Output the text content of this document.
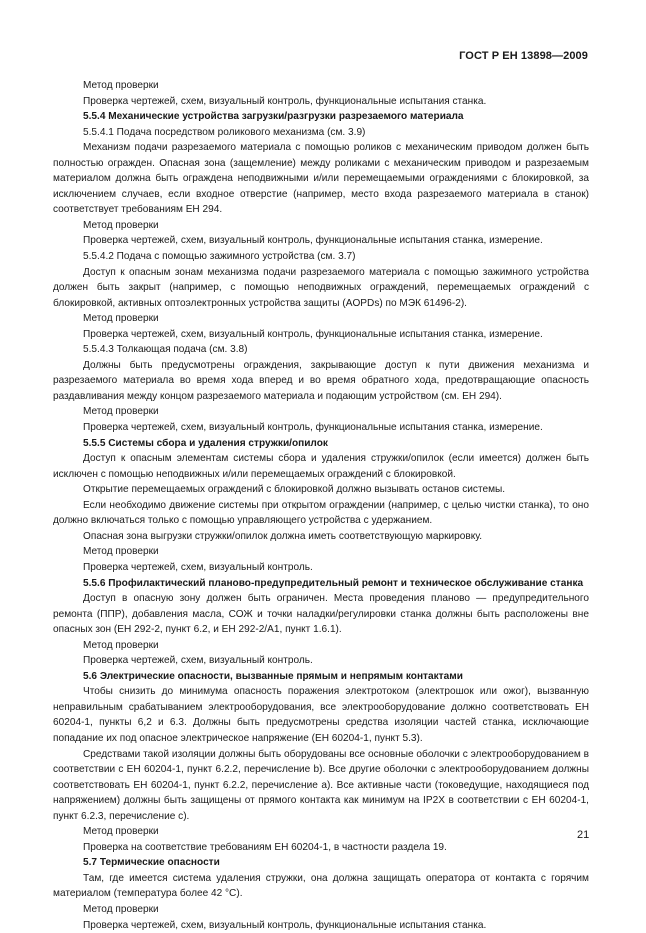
ГОСТ Р ЕН 13898—2009

Метод проверки

Проверка чертежей, схем, визуальный контроль, функциональные испытания станка.

5.5.4 Механические устройства загрузки/разгрузки разрезаемого материала

5.5.4.1 Подача посредством роликового механизма (см. 3.9)

Механизм подачи разрезаемого материала с помощью роликов с механическим приводом должен быть полностью огражден. Опасная зона (защемление) между роликами с механическим приводом и разрезаемым материалом должна быть ограждена неподвижными и/или перемещаемыми ограждениями с блокировкой, за исключением случаев, если входное отверстие (например, место входа разрезаемого материала в станок) соответствует требованиям ЕН 294.

Метод проверки

Проверка чертежей, схем, визуальный контроль, функциональные испытания станка, измерение.

5.5.4.2 Подача с помощью зажимного устройства (см. 3.7)

Доступ к опасным зонам механизма подачи разрезаемого материала с помощью зажимного устройства должен быть закрыт (например, с помощью неподвижных ограждений, перемещаемых ограждений с блокировкой, активных оптоэлектронных устройства защиты (AOPDs) по МЭК 61496-2).

Метод проверки

Проверка чертежей, схем, визуальный контроль, функциональные испытания станка, измерение.

5.5.4.3 Толкающая подача (см. 3.8)

Должны быть предусмотрены ограждения, закрывающие доступ к пути движения механизма и разрезаемого материала во время хода вперед и во время обратного хода, предотвращающие опасность раздавливания между концом разрезаемого материала и подающим устройством (см. ЕН 294).

Метод проверки

Проверка чертежей, схем, визуальный контроль, функциональные испытания станка, измерение.

5.5.5 Системы сбора и удаления стружки/опилок

Доступ к опасным элементам системы сбора и удаления стружки/опилок (если имеется) должен быть исключен с помощью неподвижных и/или перемещаемых ограждений с блокировкой.

Открытие перемещаемых ограждений с блокировкой должно вызывать останов системы.

Если необходимо движение системы при открытом ограждении (например, с целью чистки станка), то оно должно включаться только с помощью управляющего устройства с удержанием.

Опасная зона выгрузки стружки/опилок должна иметь соответствующую маркировку.

Метод проверки

Проверка чертежей, схем, визуальный контроль.

5.5.6 Профилактический планово-предупредительный ремонт и техническое обслуживание станка

Доступ в опасную зону должен быть ограничен. Места проведения планово — предупредительного ремонта (ППР), добавления масла, СОЖ и точки наладки/регулировки станка должны быть расположены вне опасных зон (ЕН 292-2, пункт 6.2, и ЕН 292-2/А1, пункт 1.6.1).

Метод проверки

Проверка чертежей, схем, визуальный контроль.

5.6 Электрические опасности, вызванные прямым и непрямым контактами

Чтобы снизить до минимума опасность поражения электротоком (электрошок или ожог), вызванную неправильным срабатыванием электрооборудования, все электрооборудование должно соответствовать ЕН 60204-1, пункты 6,2 и 6.3. Должны быть предусмотрены средства изоляции частей станка, исключающие попадание их под опасное электрическое напряжение (ЕН 60204-1, пункт 5.3).

Средствами такой изоляции должны быть оборудованы все основные оболочки с электрооборудованием в соответствии с ЕН 60204-1, пункт 6.2.2, перечисление b). Все другие оболочки с электрооборудованием должны соответствовать ЕН 60204-1, пункт 6.2.2, перечисление а). Все активные части (токоведущие, находящиеся под напряжением) должны быть защищены от прямого контакта как минимум на IP2X в соответствии с ЕН 60204-1, пункт 6.2.3, перечисление с).

Метод проверки

Проверка на соответствие требованиям ЕН 60204-1, в частности раздела 19.

5.7 Термические опасности

Там, где имеется система удаления стружки, она должна защищать оператора от контакта с горячим материалом (температура более 42 °С).

Метод проверки

Проверка чертежей, схем, визуальный контроль, функциональные испытания станка.

21
